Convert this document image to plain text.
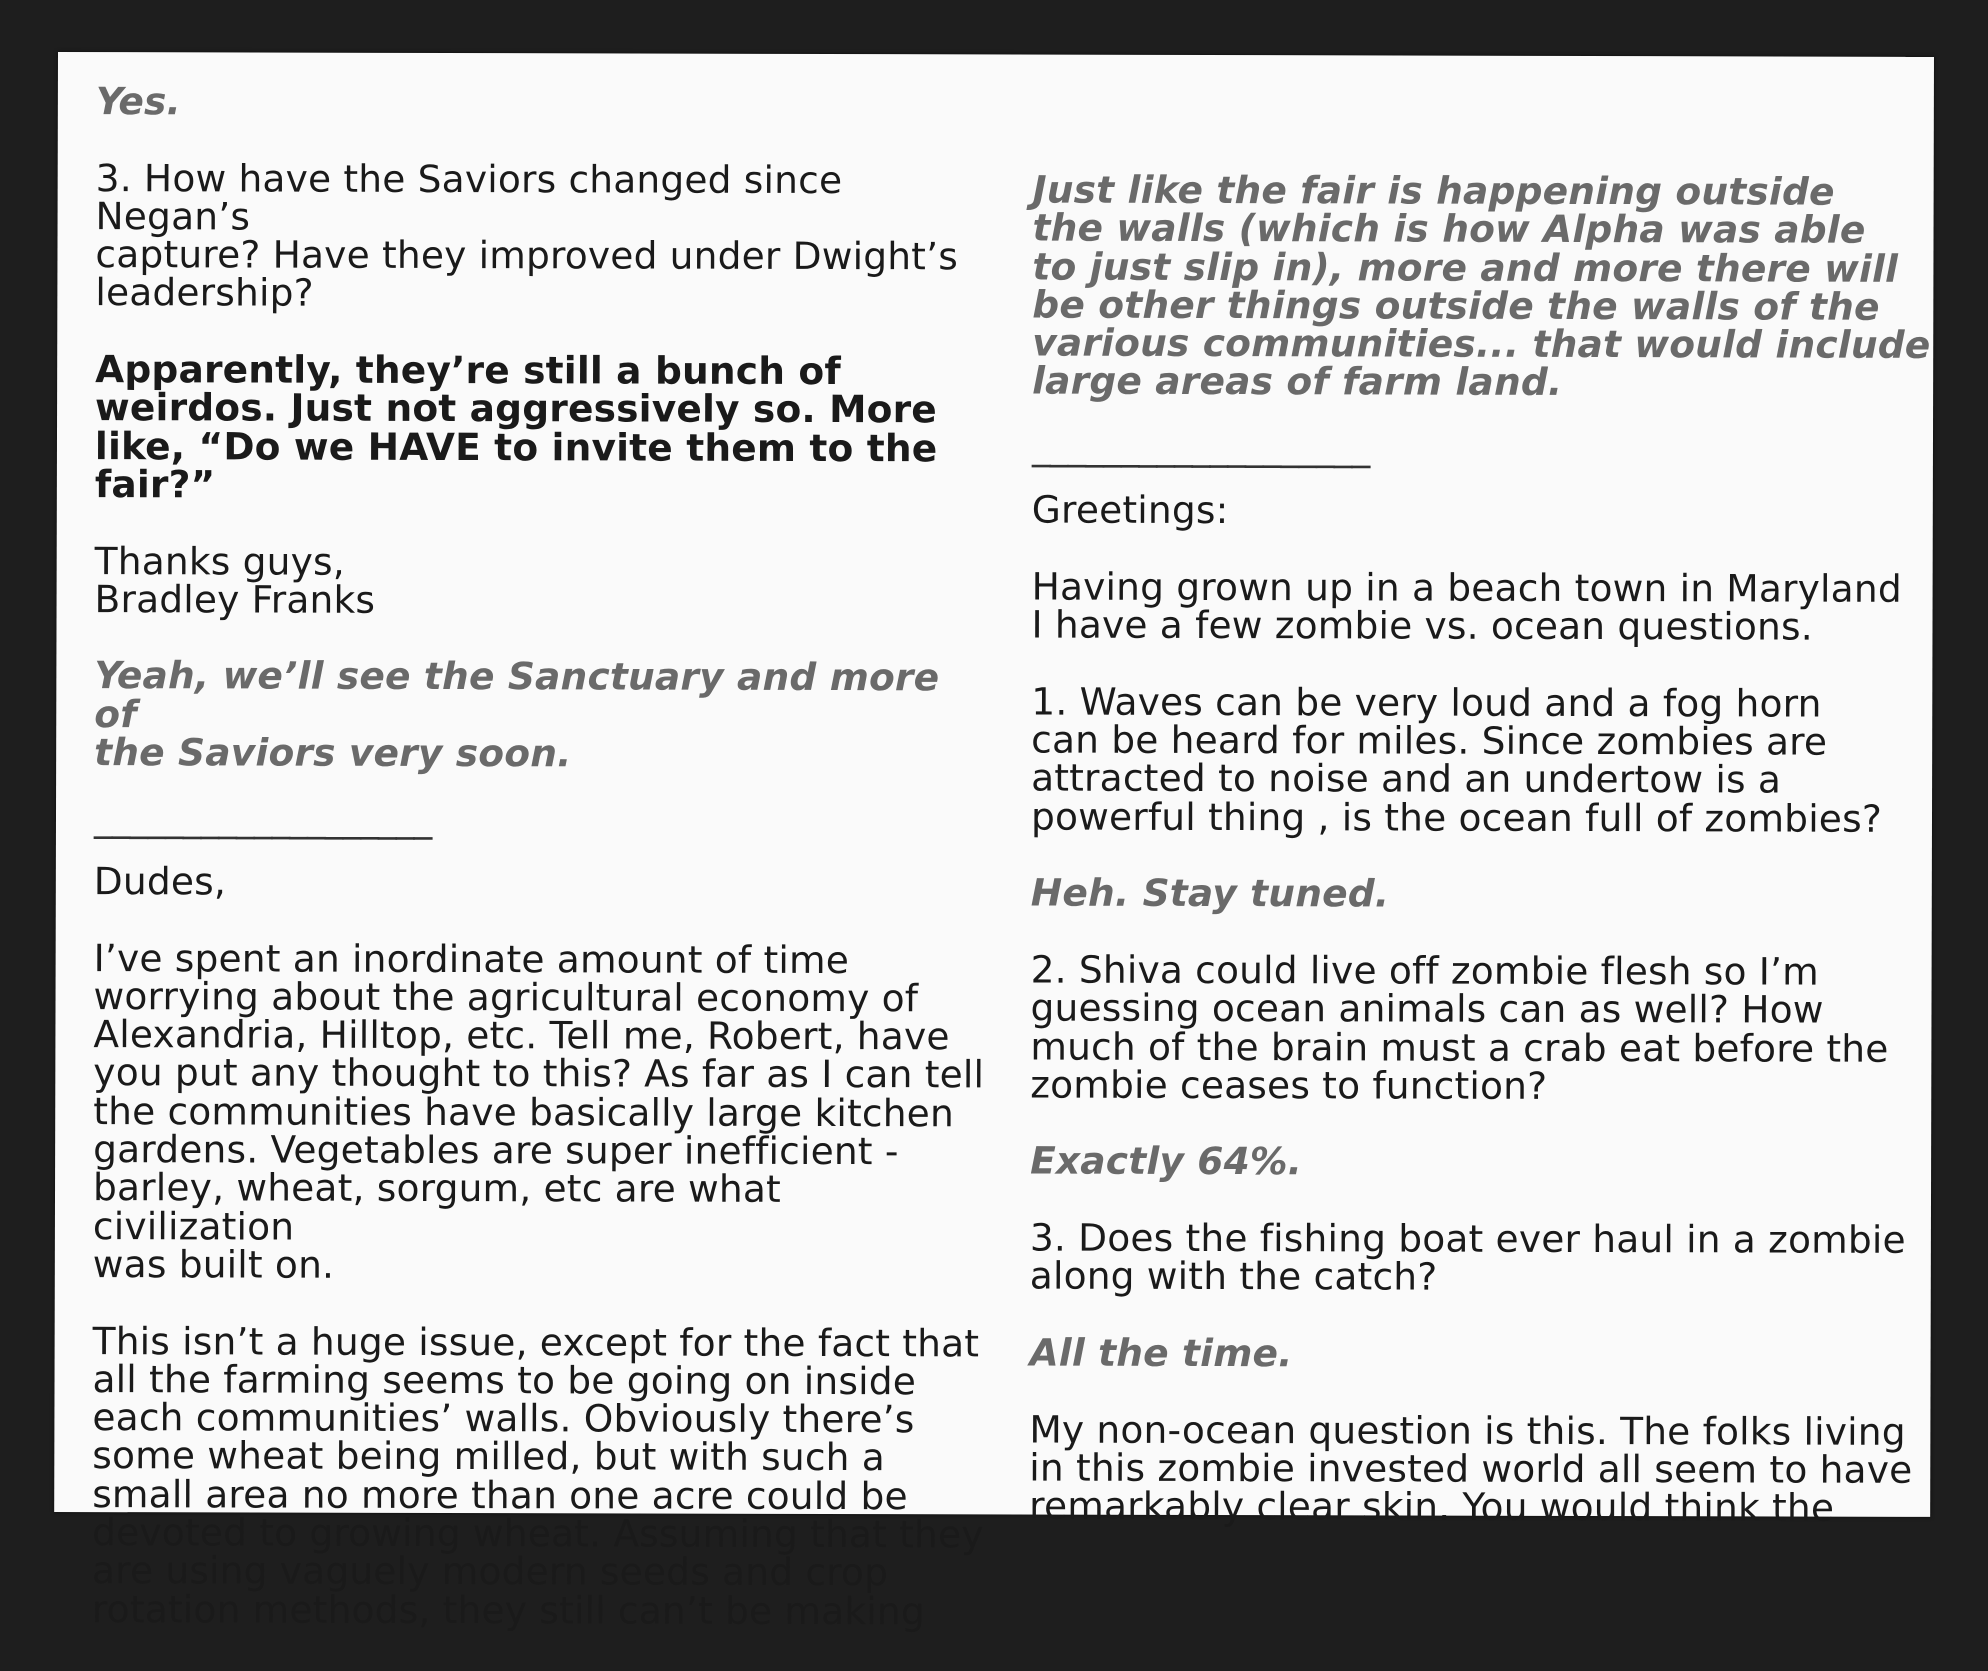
Yes.
3. How have the Saviors changed since Negan’s
capture? Have they improved under Dwight’s
leadership?
Apparently, they’re still a bunch of
weirdos. Just not aggressively so. More
like, “Do we HAVE to invite them to the
fair?”
Thanks guys,
Bradley Franks
Yeah, we’ll see the Sanctuary and more of
the Saviors very soon.
___________________
Dudes,
I’ve spent an inordinate amount of time
worrying about the agricultural economy of
Alexandria, Hilltop, etc. Tell me, Robert, have
you put any thought to this? As far as I can tell
the communities have basically large kitchen
gardens. Vegetables are super inefficient -
barley, wheat, sorgum, etc are what civilization
was built on.
This isn’t a huge issue, except for the fact that
all the farming seems to be going on inside
each communities’ walls. Obviously there’s
some wheat being milled, but with such a
small area no more than one acre could be
devoted to growing wheat. Assuming that they
are using vaguely modern seeds and crop
rotation methods, they still can’t be making
Just like the fair is happening outside
the walls (which is how Alpha was able
to just slip in), more and more there will
be other things outside the walls of the
various communities... that would include
large areas of farm land.
___________________
Greetings:
Having grown up in a beach town in Maryland
I have a few zombie vs. ocean questions.
1. Waves can be very loud and a fog horn
can be heard for miles. Since zombies are
attracted to noise and an undertow is a
powerful thing , is the ocean full of zombies?
Heh. Stay tuned.
2. Shiva could live off zombie flesh so I’m
guessing ocean animals can as well? How
much of the brain must a crab eat before the
zombie ceases to function?
Exactly 64%.
3. Does the fishing boat ever haul in a zombie
along with the catch?
All the time.
My non-ocean question is this. The folks living
in this zombie invested world all seem to have
remarkably clear skin. You would think the
